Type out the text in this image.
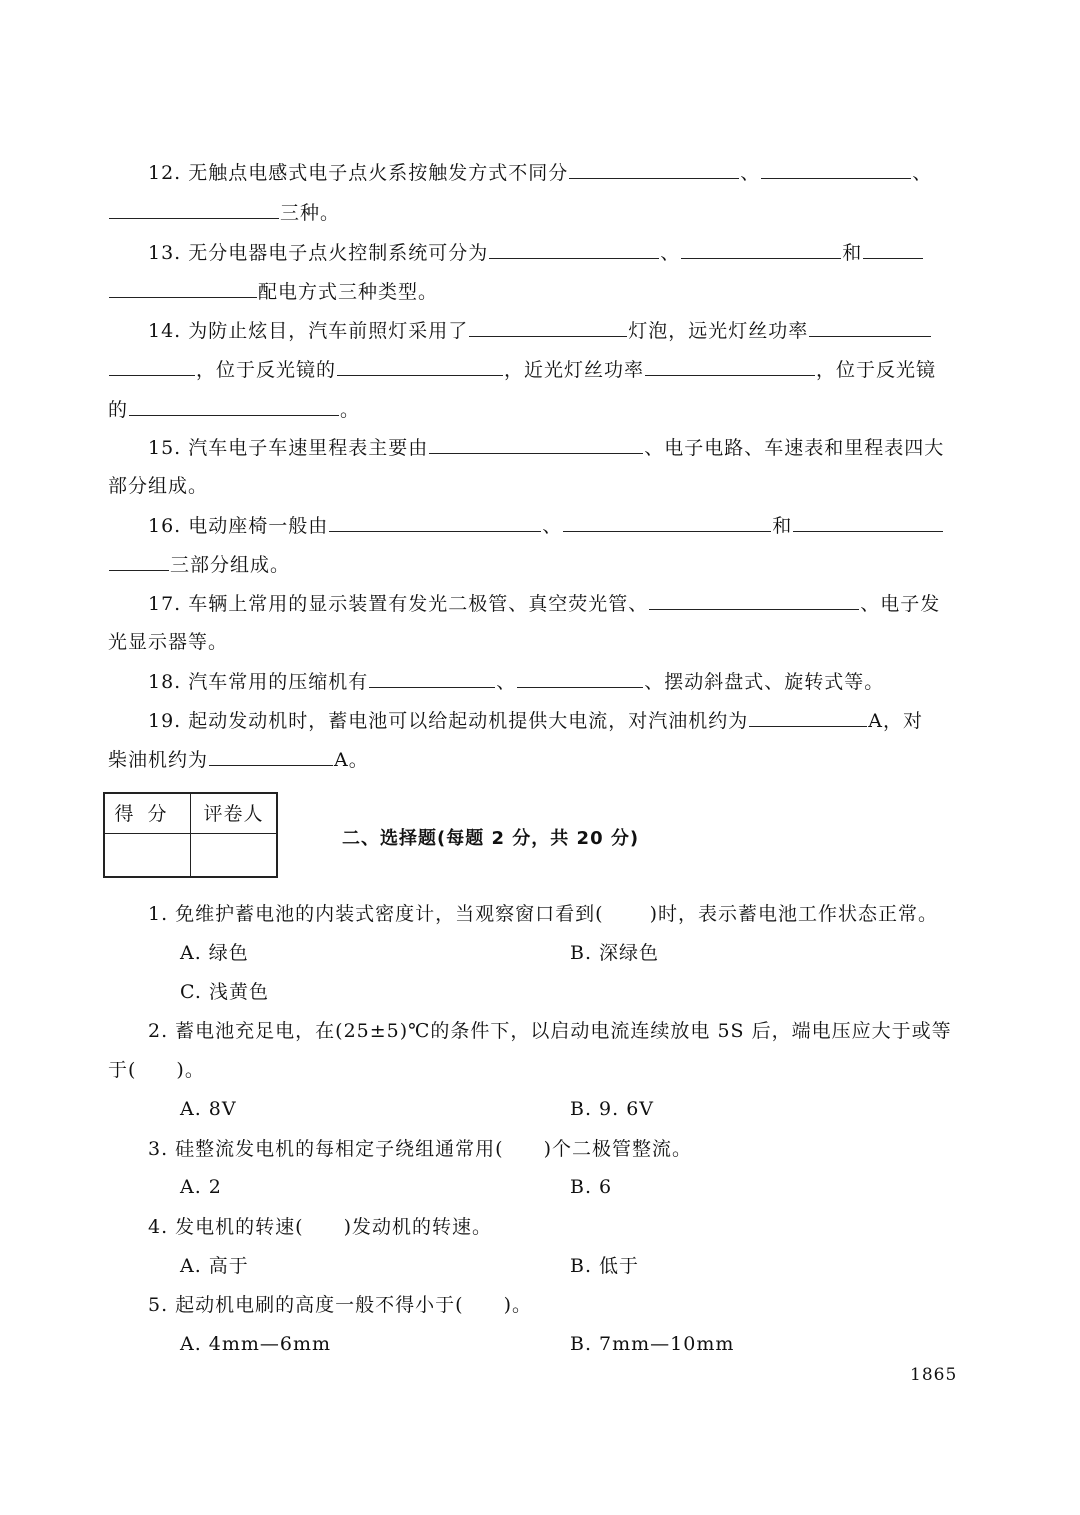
12. 无触点电感式电子点火系按触发方式不同分	、	、
三种。
13. 无分电器电子点火控制系统可分为	、	和
配电方式三种类型。
14. 为防止炫目，汽车前照灯采用了	灯泡，远光灯丝功率
，位于反光镜的	，近光灯丝功率	，位于反光镜
的	。
15. 汽车电子车速里程表主要由	、电子电路、车速表和里程表四大
部分组成。
16. 电动座椅一般由	、	和
三部分组成。
17. 车辆上常用的显示装置有发光二极管、真空荧光管、	、电子发
光显示器等。
18. 汽车常用的压缩机有	、	、摆动斜盘式、旋转式等。
19. 起动发动机时，蓄电池可以给起动机提供大电流，对汽油机约为	A，对
柴油机约为	A。
得分	评卷人
二、选择题(每题 2 分，共 20 分)
1. 免维护蓄电池的内装式密度计，当观察窗口看到( )时，表示蓄电池工作状态正常。
A. 绿色	B. 深绿色
C. 浅黄色
2. 蓄电池充足电，在(25±5)℃的条件下，以启动电流连续放电 5S 后，端电压应大于或等
于( )。
A. 8V	B. 9. 6V
3. 硅整流发电机的每相定子绕组通常用( )个二极管整流。
A. 2	B. 6
4. 发电机的转速( )发动机的转速。
A. 高于	B. 低于
5. 起动机电刷的高度一般不得小于( )。
A. 4mm—6mm	B. 7mm—10mm
1865
